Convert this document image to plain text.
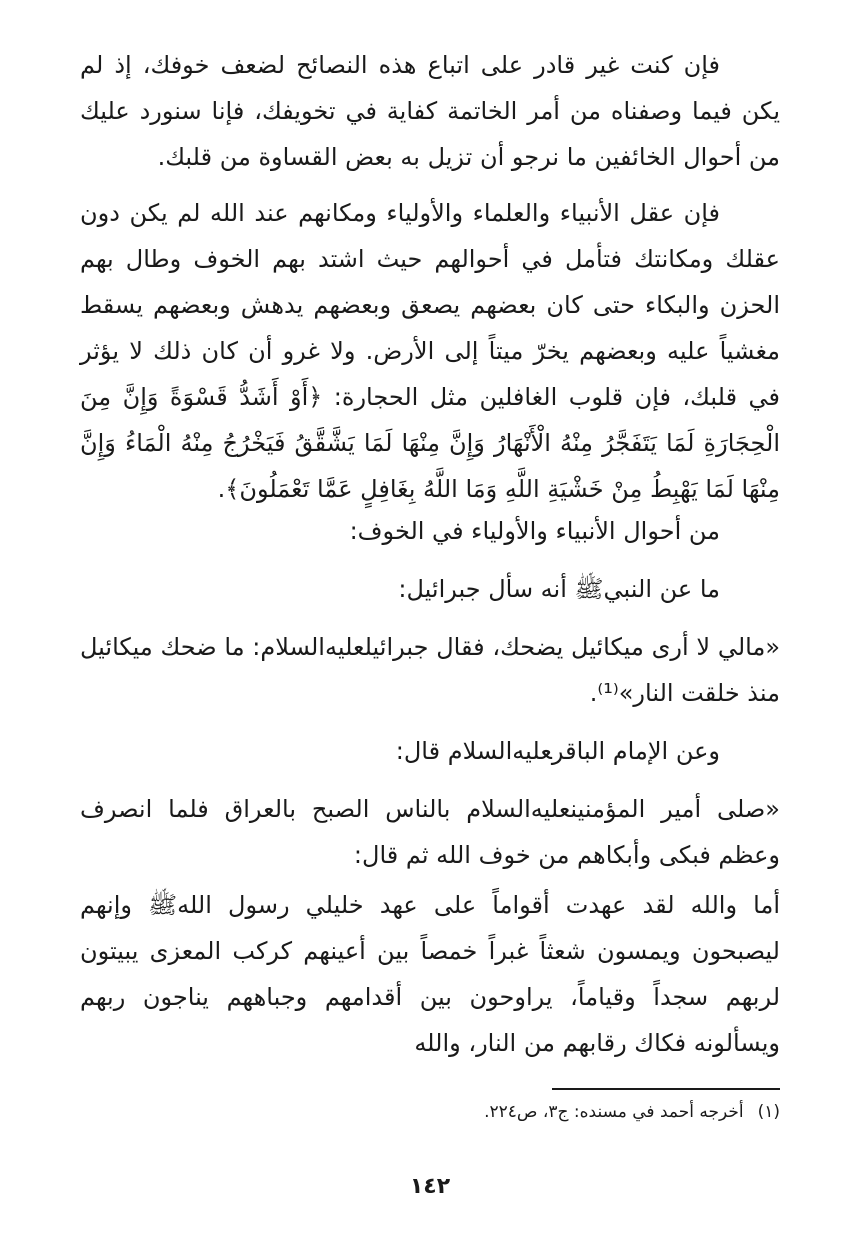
فإن كنت غير قادر على اتباع هذه النصائح لضعف خوفك، إذ لم يكن فيما وصفناه من أمر الخاتمة كفاية في تخويفك، فإنا سنورد عليك من أحوال الخائفين ما نرجو أن تزيل به بعض القساوة من قلبك.

فإن عقل الأنبياء والعلماء والأولياء ومكانهم عند الله لم يكن دون عقلك ومكانتك فتأمل في أحوالهم حيث اشتد بهم الخوف وطال بهم الحزن والبكاء حتى كان بعضهم يصعق وبعضهم يدهش وبعضهم يسقط مغشياً عليه وبعضهم يخرّ ميتاً إلى الأرض. ولا غرو أن كان ذلك لا يؤثر في قلبك، فإن قلوب الغافلين مثل الحجارة: ﴿أَوْ أَشَدُّ قَسْوَةً وَإِنَّ مِنَ الْحِجَارَةِ لَمَا يَتَفَجَّرُ مِنْهُ الْأَنْهَارُ وَإِنَّ مِنْهَا لَمَا يَشَّقَّقُ فَيَخْرُجُ مِنْهُ الْمَاءُ وَإِنَّ مِنْهَا لَمَا يَهْبِطُ مِنْ خَشْيَةِ اللَّهِ وَمَا اللَّهُ بِغَافِلٍ عَمَّا تَعْمَلُونَ﴾.

من أحوال الأنبياء والأولياء في الخوف:

ما عن النبيﷺ أنه سأل جبرائيل:

«مالي لا أرى ميكائيل يضحك، فقال جبرائيل‍عليه‌السلام: ما ضحك ميكائيل منذ خلقت النار»⁽¹⁾.

وعن الإمام الباقر‍عليه‌السلام قال:

«صلى أمير المؤمنين‍عليه‌السلام بالناس الصبح بالعراق فلما انصرف وعظم فبكى وأبكاهم من خوف الله ثم قال:

أما والله لقد عهدت أقواماً على عهد خليلي رسول اللهﷺ وإنهم ليصبحون ويمسون شعثاً غبراً خمصاً بين أعينهم كركب المعزى يبيتون لربهم سجداً وقياماً، يراوحون بين أقدامهم وجباههم يناجون ربهم ويسألونه فكاك رقابهم من النار، والله

(١)أخرجه أحمد في مسنده: ج٣، ص٢٢٤.
١٤٢
